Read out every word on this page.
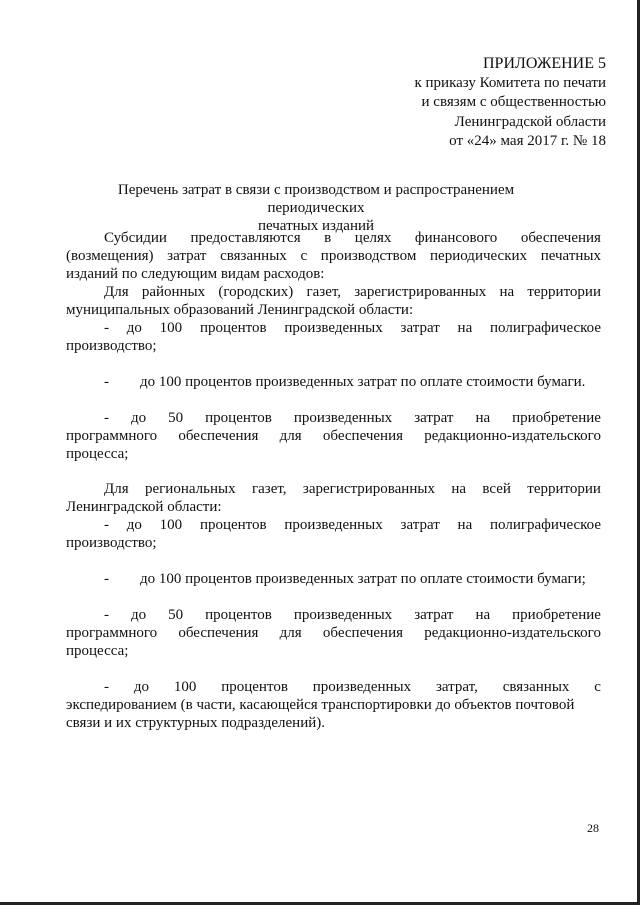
ПРИЛОЖЕНИЕ 5
к приказу Комитета по печати
и связям с общественностью
Ленинградской области
от «24» мая 2017 г. № 18
Перечень затрат в связи с производством и распространением периодических
печатных изданий
Субсидии предоставляются в целях финансового обеспечения
(возмещения) затрат связанных с производством периодических печатных
изданий по следующим видам расходов:
Для районных (городских) газет, зарегистрированных на территории
муниципальных образований Ленинградской области:
- до 100 процентов произведенных затрат на полиграфическое
производство;
- до 100 процентов произведенных затрат по оплате стоимости бумаги.
- до 50 процентов произведенных затрат на приобретение
программного обеспечения для обеспечения редакционно-издательского
процесса;
Для региональных газет, зарегистрированных на всей территории
Ленинградской области:
- до 100 процентов произведенных затрат на полиграфическое
производство;
- до 100 процентов произведенных затрат по оплате стоимости бумаги;
- до 50 процентов произведенных затрат на приобретение
программного обеспечения для обеспечения редакционно-издательского
процесса;
- до 100 процентов произведенных затрат, связанных с
экспедированием (в части, касающейся транспортировки до объектов почтовой
связи и их структурных подразделений).
28
